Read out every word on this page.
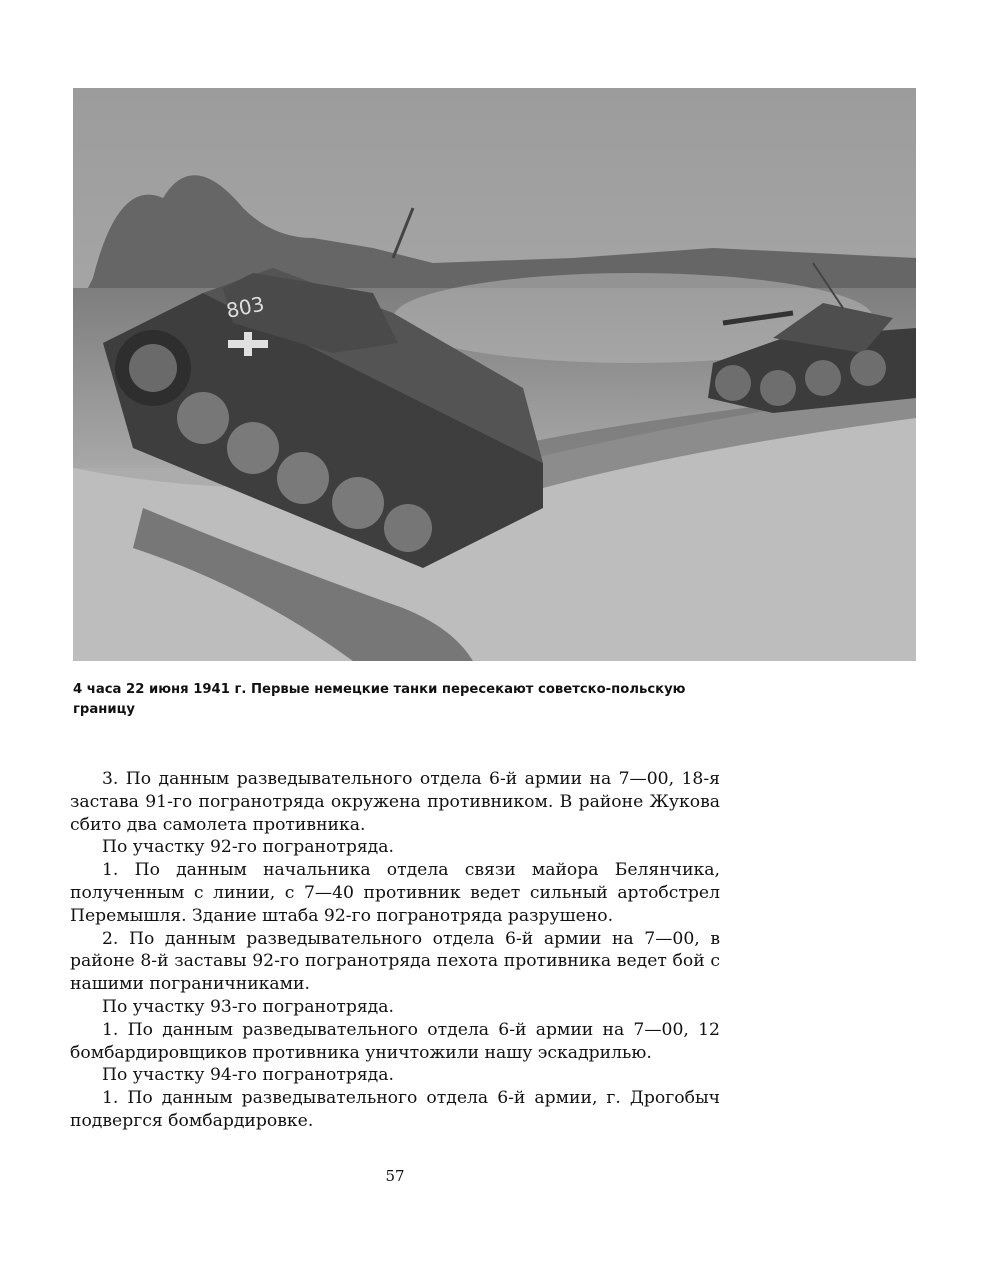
803
4 часа 22 июня 1941 г. Первые немецкие танки пересекают советско-польскую границу

3. По данным разведывательного отдела 6-й армии на 7—00, 18-я застава 91-го погранотряда окружена противником. В районе Жукова сбито два самолета противника.

По участку 92-го погранотряда.

1. По данным начальника отдела связи майора Белянчика, полученным с линии, с 7—40 противник ведет сильный артобстрел Перемышля. Здание штаба 92-го погранотряда разрушено.

2. По данным разведывательного отдела 6-й армии на 7—00, в районе 8-й заставы 92-го погранотряда пехота противника ведет бой с нашими пограничниками.

По участку 93-го погранотряда.

1. По данным разведывательного отдела 6-й армии на 7—00, 12 бомбардировщиков противника уничтожили нашу эскадрилью.

По участку 94-го погранотряда.

1. По данным разведывательного отдела 6-й армии, г. Дрогобыч подвергся бомбардировке.

57
